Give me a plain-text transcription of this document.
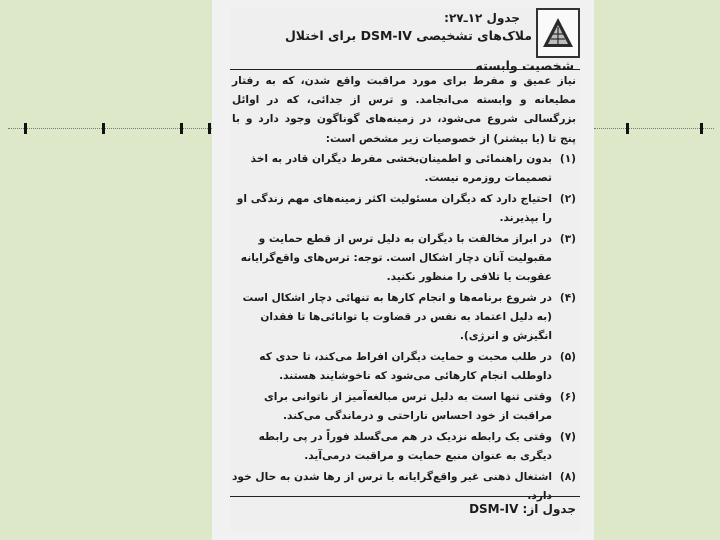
جدول ۱۲ـ۲۷:
ملاک‌های تشخیصی DSM-IV برای اختلال
شخصیت وابسته
نیاز عمیق و مفرط برای مورد مراقبت واقع شدن، که به رفتار مطیعانه و وابسته می‌انجامد. و ترس از جدائی، که در اوائل بزرگسالی شروع می‌شود، در زمینه‌های گوناگون وجود دارد و با پنج تا (یا بیشتر) از خصوصیات زیر مشخص است:
(۱)
بدون راهنمائی و اطمینان‌بخشی مفرط دیگران قادر به اخذ تصمیمات روزمره نیست.
(۲)
احتیاج دارد که دیگران مسئولیت اکثر زمینه‌های مهم زندگی او را بپذیرند.
(۳)
در ابراز مخالفت با دیگران به دلیل ترس از قطع حمایت و مقبولیت آنان دچار اشکال است. توجه: ترس‌های واقع‌گرایانه عقوبت یا تلافی را منظور نکنید.
(۴)
در شروع برنامه‌ها و انجام کارها به تنهائی دچار اشکال است (به دلیل اعتماد به نفس در قضاوت یا توانائی‌ها تا فقدان انگیزش و انرژی).
(۵)
در طلب محبت و حمایت دیگران افراط می‌کند، تا حدی که داوطلب انجام کارهائی می‌شود که ناخوشایند هستند.
(۶)
وقتی تنها است به دلیل ترس مبالغه‌آمیز از ناتوانی برای مراقبت از خود احساس ناراحتی و درماندگی می‌کند.
(۷)
وقتی یک رابطه نزدیک در هم می‌گسلد فوراً در پی رابطه دیگری به عنوان منبع حمایت و مراقبت درمی‌آید.
(۸)
اشتغال ذهنی غیر واقع‌گرایانه با ترس از رها شدن به حال خود دارد.
جدول از: DSM-IV
